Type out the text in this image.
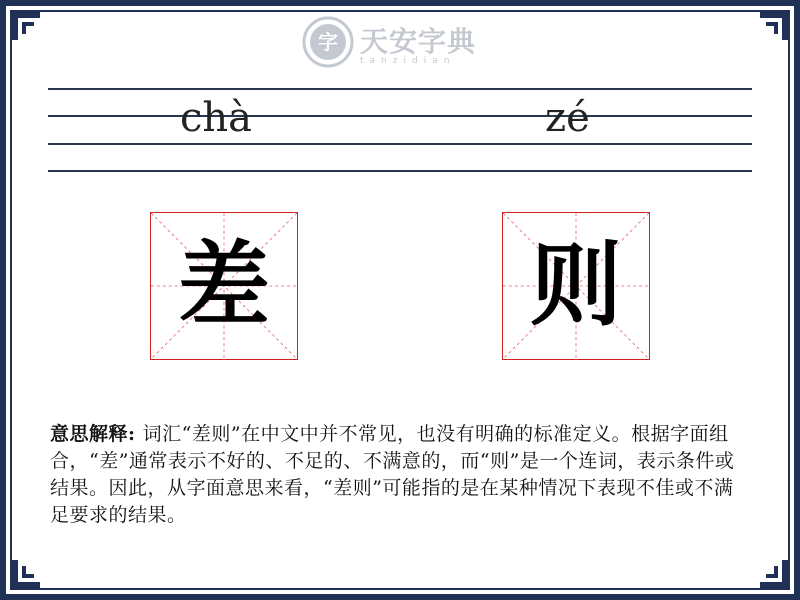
字 天安字典
tanzidian
chà	zé
差	则
意思解释: 词汇“差则”在中文中并不常见，也没有明确的标准定义。根据字面组合，“差”通常表示不好的、不足的、不满意的，而“则”是一个连词，表示条件或结果。因此，从字面意思来看，“差则”可能指的是在某种情况下表现不佳或不满足要求的结果。
